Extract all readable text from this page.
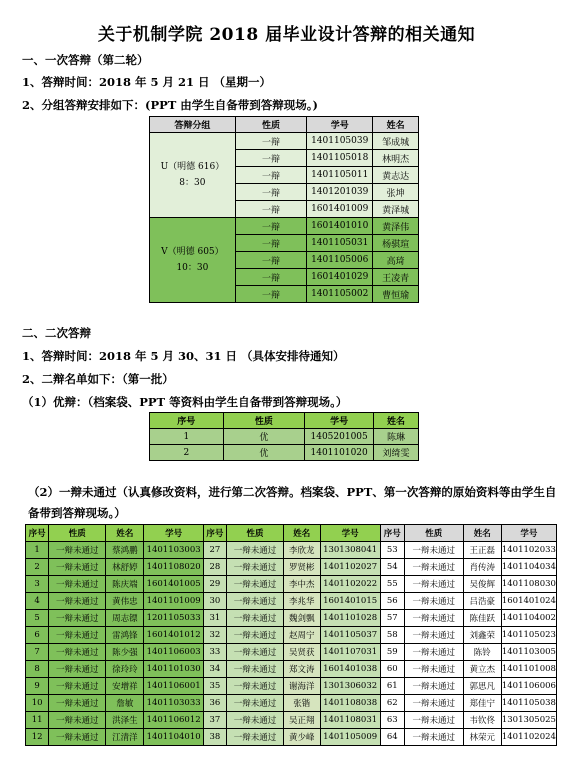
关于机制学院 2018 届毕业设计答辩的相关通知
一、一次答辩（第二轮）
1、答辩时间：2018 年 5 月 21 日 （星期一）
2、分组答辩安排如下：(PPT 由学生自备带到答辩现场。)
答辩分组	性质	学号	姓名

U（明德 616）
8：30	一辩	1401105039	邹成城
	一辩	1401105018	林明杰
	一辩	1401105011	黄志达
	一辩	1401201039	张坤
	一辩	1601401009	黄泽城

V（明德 605）
10：30	一辩	1601401010	黄泽伟
	一辩	1401105031	杨骐瑄
	一辩	1401105006	高琦
	一辩	1601401029	王凌青
	一辩	1401105002	曹恒瑜
二、二次答辩
1、答辩时间：2018 年 5 月 30、31 日 （具体安排待通知）
2、二辩名单如下：（第一批）
（1）优辩：（档案袋、PPT 等资料由学生自备带到答辩现场。）
序号	性质	学号	姓名
1	优	1405201005	陈琳
2	优	1401101020	刘绮雯
（2）一辩未通过（认真修改资料，进行第二次答辩。档案袋、PPT、第一次答辩的原始资料等由学生自
备带到答辩现场。）
序号	性质	姓名	学号	序号	性质	姓名	学号	序号	性质	姓名	学号
1	一辩未通过	蔡鸿鹏	1401103003	27	一辩未通过	李欣龙	1301308041	53	一辩未通过	王正磊	1401102033
2	一辩未通过	林舒婷	1401108020	28	一辩未通过	罗贤彬	1401102027	54	一辩未通过	肖传涛	1401104034
3	一辩未通过	陈庆端	1601401005	29	一辩未通过	李中杰	1401102022	55	一辩未通过	吴俊辉	1401108030
4	一辩未通过	黄伟忠	1401101009	30	一辩未通过	李兆华	1601401015	56	一辩未通过	吕浩豪	1601401024
5	一辩未通过	周志镖	1201105033	31	一辩未通过	魏剑飘	1401101028	57	一辩未通过	陈佳跃	1401104002
6	一辩未通过	雷鸿锋	1601401012	32	一辩未通过	赵周宁	1401105037	58	一辩未通过	刘鑫荣	1401105023
7	一辩未通过	陈少强	1401106003	33	一辩未通过	吴贤获	1401107031	59	一辩未通过	陈铃	1401103005
8	一辩未通过	徐玲玲	1401101030	34	一辩未通过	郑文涛	1601401038	60	一辩未通过	黄立杰	1401101008
9	一辩未通过	安增祥	1401106001	35	一辩未通过	谢海洋	1301306032	61	一辩未通过	郭思凡	1401106006
10	一辩未通过	詹敏	1401103033	36	一辩未通过	张锴	1401108038	62	一辩未通过	郑佳宁	1401105038
11	一辩未通过	洪泽生	1401106012	37	一辩未通过	吴正翔	1401108031	63	一辩未通过	韦钦佟	1301305025
12	一辩未通过	江清洋	1401104010	38	一辩未通过	黄少峰	1401105009	64	一辩未通过	林荣元	1401102024
